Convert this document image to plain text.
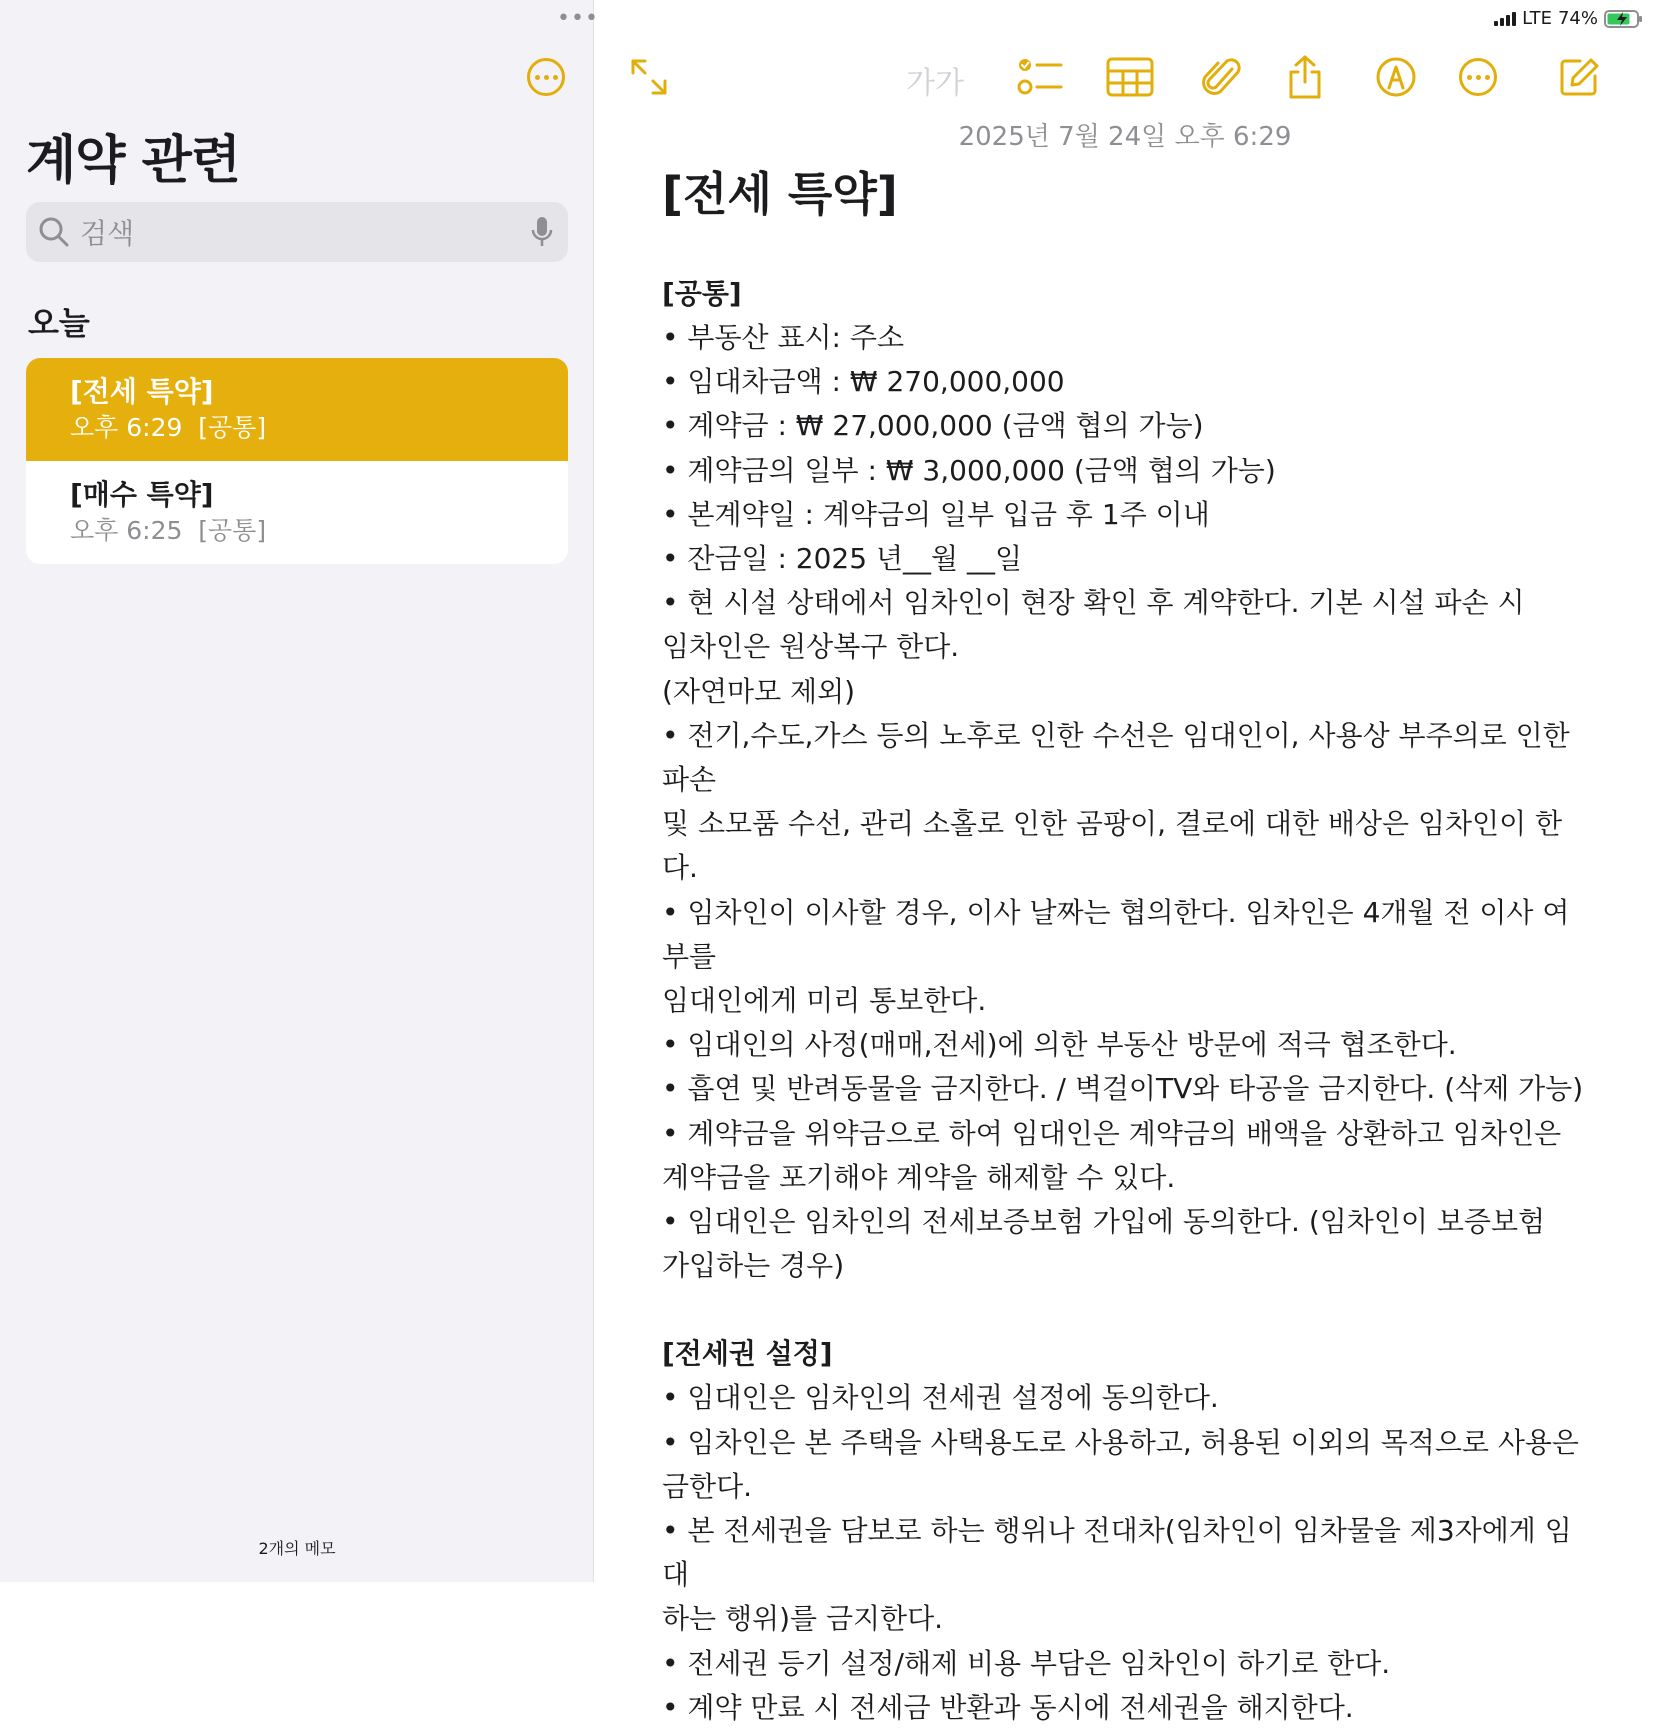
•••
계약 관련
검색
오늘
[전세 특약]
오후 6:29  [공통]
[매수 특약]
오후 6:25  [공통]
2개의 메모
LTE 74%
가가
2025년 7월 24일 오후 6:29
[전세 특약]
[공통]
• 부동산 표시: 주소
• 임대차금액 : ₩ 270,000,000
• 계약금 : ₩ 27,000,000 (금액 협의 가능)
• 계약금의 일부 : ₩ 3,000,000 (금액 협의 가능)
• 본계약일 : 계약금의 일부 입금 후 1주 이내
• 잔금일 : 2025 년__월 __일
• 현 시설 상태에서 임차인이 현장 확인 후 계약한다. 기본 시설 파손 시
임차인은 원상복구 한다.
(자연마모 제외)
• 전기,수도,가스 등의 노후로 인한 수선은 임대인이, 사용상 부주의로 인한 파손
및 소모품 수선, 관리 소홀로 인한 곰팡이, 결로에 대한 배상은 임차인이 한다.
• 임차인이 이사할 경우, 이사 날짜는 협의한다. 임차인은 4개월 전 이사 여부를
임대인에게 미리 통보한다.
• 임대인의 사정(매매,전세)에 의한 부동산 방문에 적극 협조한다.
• 흡연 및 반려동물을 금지한다. / 벽걸이TV와 타공을 금지한다. (삭제 가능)
• 계약금을 위약금으로 하여 임대인은 계약금의 배액을 상환하고 임차인은
계약금을 포기해야 계약을 해제할 수 있다.
• 임대인은 임차인의 전세보증보험 가입에 동의한다. (임차인이 보증보험
가입하는 경우)
[전세권 설정]
• 임대인은 임차인의 전세권 설정에 동의한다.
• 임차인은 본 주택을 사택용도로 사용하고, 허용된 이외의 목적으로 사용은
금한다.
• 본 전세권을 담보로 하는 행위나 전대차(임차인이 임차물을 제3자에게 임대
하는 행위)를 금지한다.
• 전세권 등기 설정/해제 비용 부담은 임차인이 하기로 한다.
• 계약 만료 시 전세금 반환과 동시에 전세권을 해지한다.
